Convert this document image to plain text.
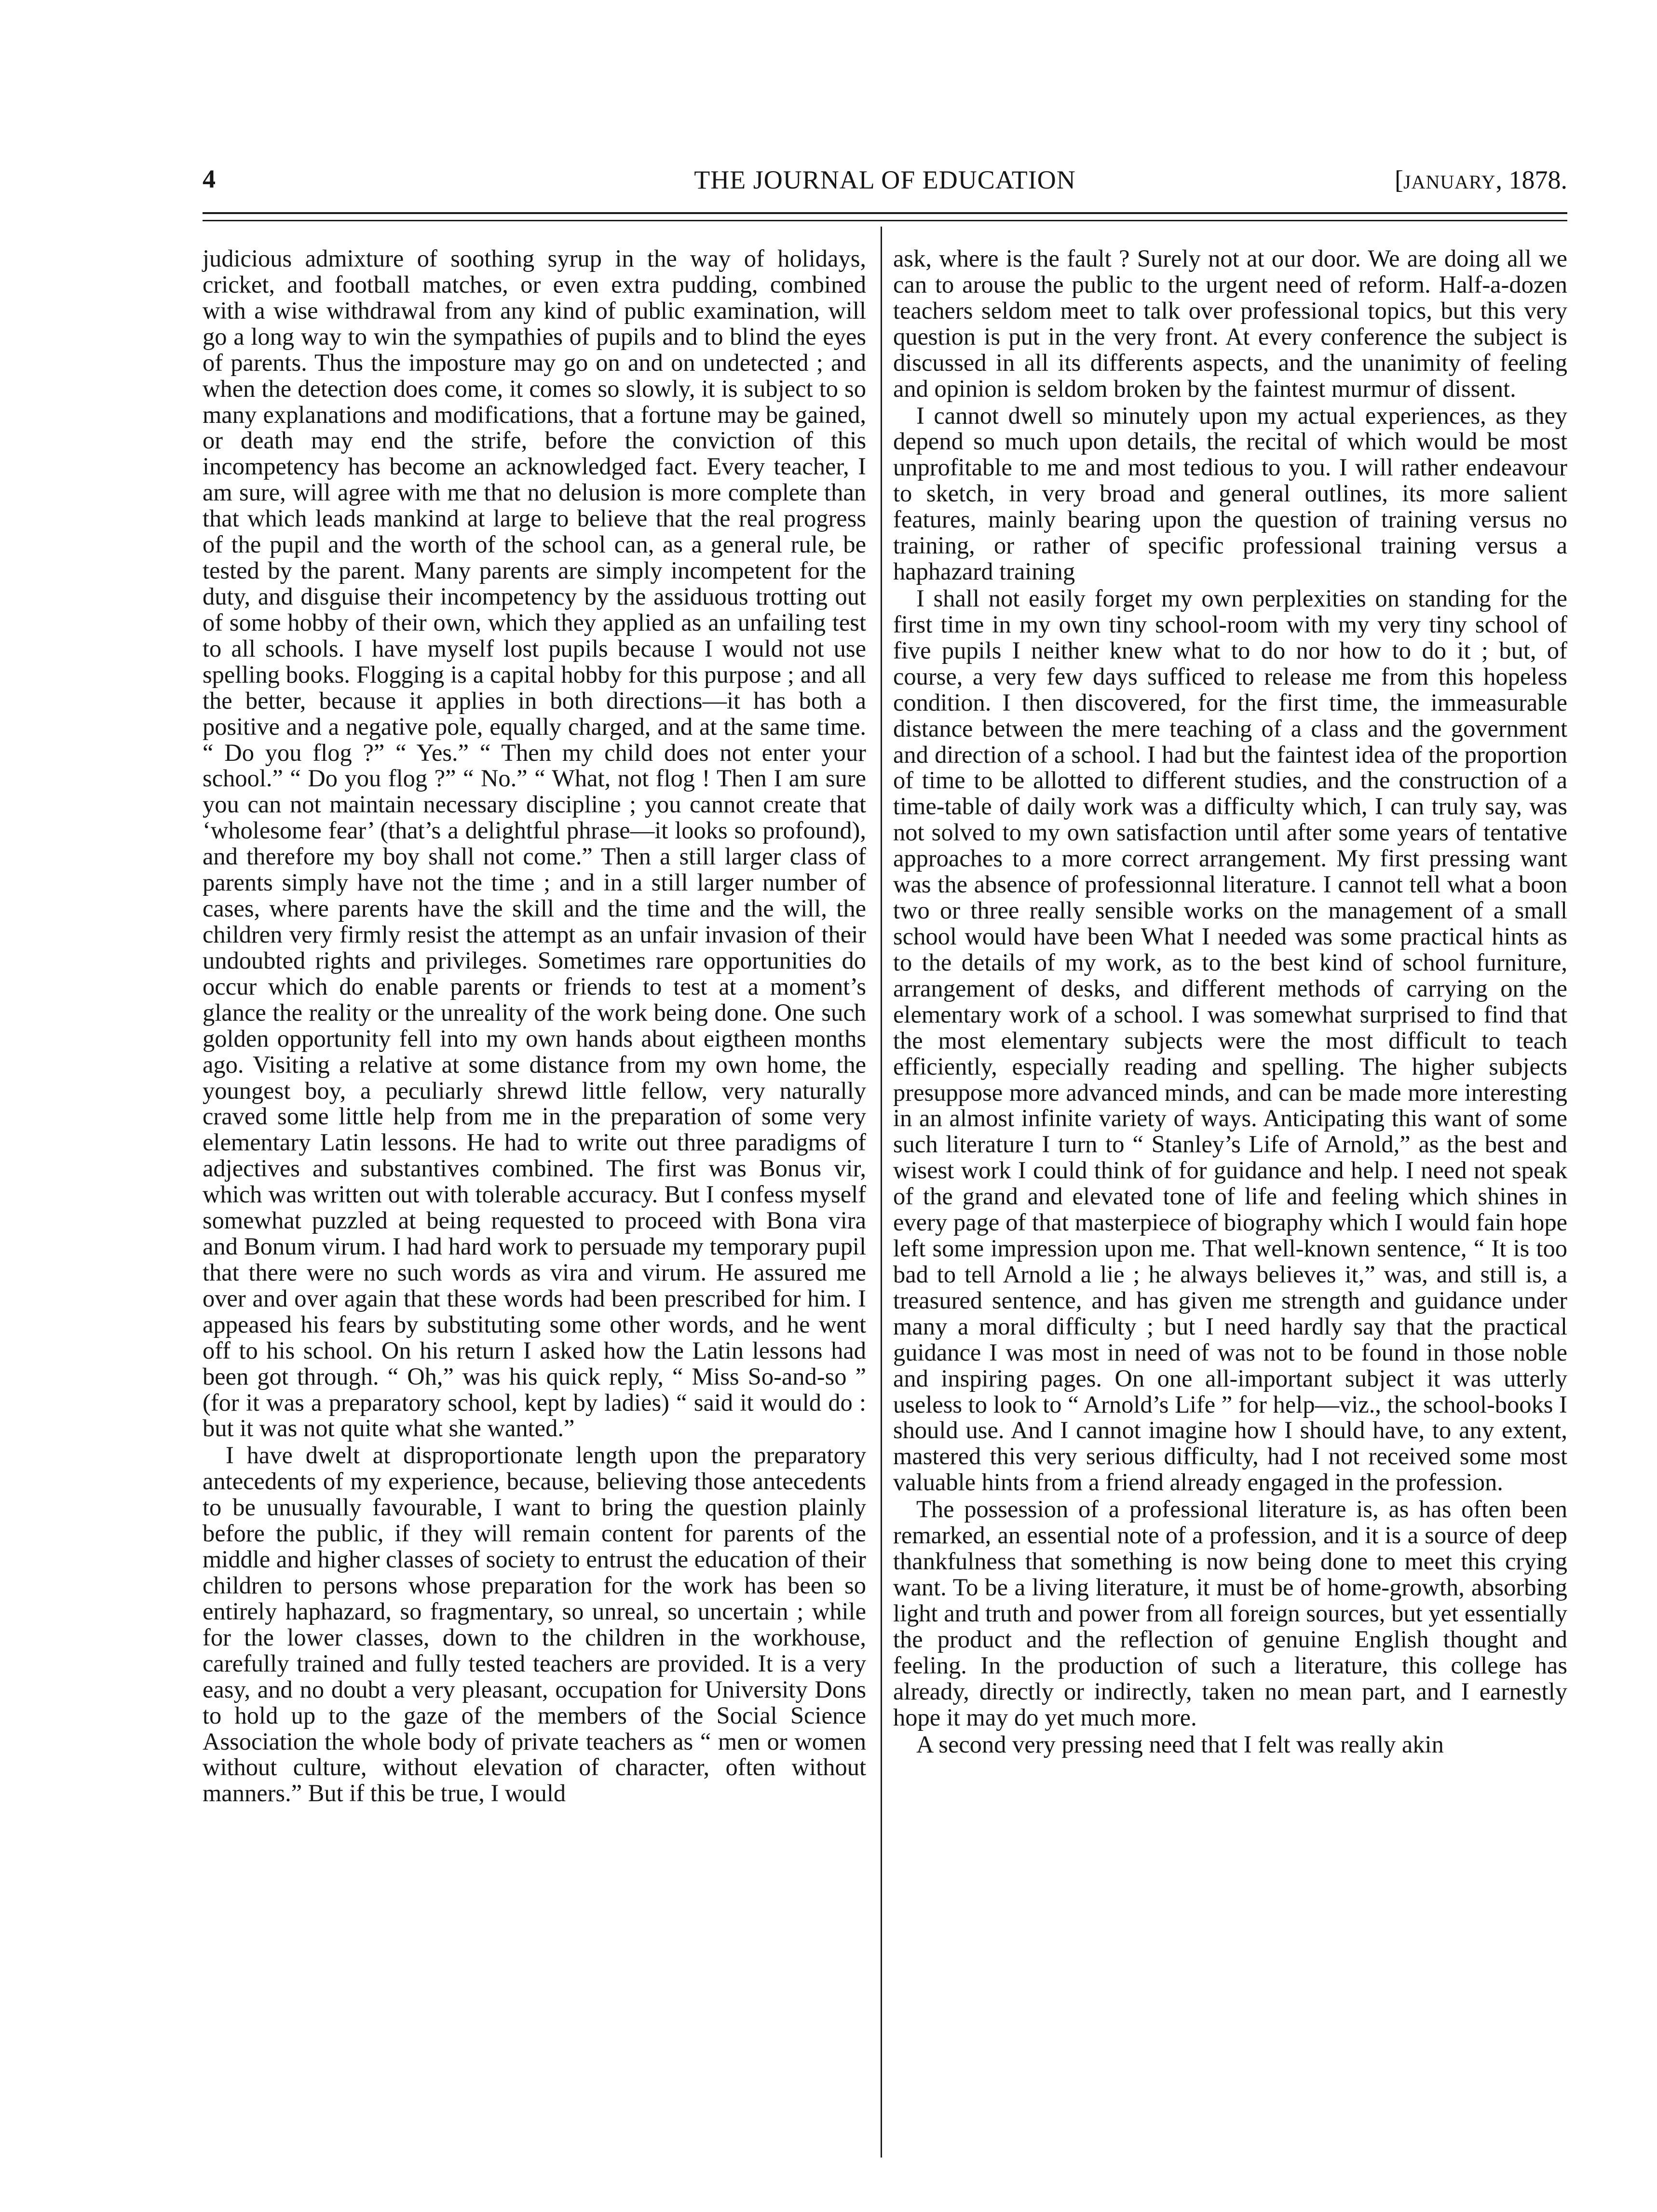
4	THE JOURNAL OF EDUCATION	[JANUARY, 1878.

judicious admixture of soothing syrup in the way of holidays, cricket, and football matches, or even extra pudding, combined with a wise withdrawal from any kind of public examination, will go a long way to win the sympathies of pupils and to blind the eyes of parents. Thus the imposture may go on and on undetected ; and when the detection does come, it comes so slowly, it is subject to so many explanations and modifications, that a fortune may be gained, or death may end the strife, before the conviction of this incompetency has become an acknowledged fact. Every teacher, I am sure, will agree with me that no delusion is more complete than that which leads mankind at large to believe that the real progress of the pupil and the worth of the school can, as a general rule, be tested by the parent. Many parents are simply incompetent for the duty, and disguise their incompetency by the assiduous trotting out of some hobby of their own, which they applied as an unfailing test to all schools. I have myself lost pupils because I would not use spelling books. Flogging is a capital hobby for this purpose ; and all the better, because it applies in both directions—it has both a positive and a negative pole, equally charged, and at the same time. “ Do you flog ?” “ Yes.” “ Then my child does not enter your school.” “ Do you flog ?” “ No.” “ What, not flog ! Then I am sure you can not maintain necessary discipline ; you cannot create that ‘wholesome fear’ (that’s a delightful phrase—it looks so profound), and therefore my boy shall not come.” Then a still larger class of parents simply have not the time ; and in a still larger number of cases, where parents have the skill and the time and the will, the children very firmly resist the attempt as an unfair invasion of their undoubted rights and privileges. Sometimes rare opportunities do occur which do enable parents or friends to test at a moment’s glance the reality or the unreality of the work being done. One such golden opportunity fell into my own hands about eigtheen months ago. Visiting a relative at some distance from my own home, the youngest boy, a peculiarly shrewd little fellow, very naturally craved some little help from me in the preparation of some very elementary Latin lessons. He had to write out three paradigms of adjectives and substantives combined. The first was Bonus vir, which was written out with tolerable accuracy. But I confess myself somewhat puzzled at being requested to proceed with Bona vira and Bonum virum. I had hard work to persuade my temporary pupil that there were no such words as vira and virum. He assured me over and over again that these words had been prescribed for him. I appeased his fears by substituting some other words, and he went off to his school. On his return I asked how the Latin lessons had been got through. “ Oh,” was his quick reply, “ Miss So-and-so ” (for it was a preparatory school, kept by ladies) “ said it would do : but it was not quite what she wanted.”

I have dwelt at disproportionate length upon the preparatory antecedents of my experience, because, believing those antecedents to be unusually favourable, I want to bring the question plainly before the public, if they will remain content for parents of the middle and higher classes of society to entrust the education of their children to persons whose preparation for the work has been so entirely haphazard, so fragmentary, so unreal, so uncertain ; while for the lower classes, down to the children in the workhouse, carefully trained and fully tested teachers are provided. It is a very easy, and no doubt a very pleasant, occupation for University Dons to hold up to the gaze of the members of the Social Science Association the whole body of private teachers as “ men or women without culture, without elevation of character, often without manners.” But if this be true, I would

ask, where is the fault ? Surely not at our door. We are doing all we can to arouse the public to the urgent need of reform. Half-a-dozen teachers seldom meet to talk over professional topics, but this very question is put in the very front. At every conference the subject is discussed in all its differents aspects, and the unanimity of feeling and opinion is seldom broken by the faintest murmur of dissent.

I cannot dwell so minutely upon my actual experiences, as they depend so much upon details, the recital of which would be most unprofitable to me and most tedious to you. I will rather endeavour to sketch, in very broad and general outlines, its more salient features, mainly bearing upon the question of training versus no training, or rather of specific professional training versus a haphazard training

I shall not easily forget my own perplexities on standing for the first time in my own tiny school-room with my very tiny school of five pupils I neither knew what to do nor how to do it ; but, of course, a very few days sufficed to release me from this hopeless condition. I then discovered, for the first time, the immeasurable distance between the mere teaching of a class and the government and direction of a school. I had but the faintest idea of the proportion of time to be allotted to different studies, and the construction of a time-table of daily work was a difficulty which, I can truly say, was not solved to my own satisfaction until after some years of tentative approaches to a more correct arrangement. My first pressing want was the absence of professionnal literature. I cannot tell what a boon two or three really sensible works on the management of a small school would have been What I needed was some practical hints as to the details of my work, as to the best kind of school furniture, arrangement of desks, and different methods of carrying on the elementary work of a school. I was somewhat surprised to find that the most elementary subjects were the most difficult to teach efficiently, especially reading and spelling. The higher subjects presuppose more advanced minds, and can be made more interesting in an almost infinite variety of ways. Anticipating this want of some such literature I turn to “ Stanley’s Life of Arnold,” as the best and wisest work I could think of for guidance and help. I need not speak of the grand and elevated tone of life and feeling which shines in every page of that masterpiece of biography which I would fain hope left some impression upon me. That well-known sentence, “ It is too bad to tell Arnold a lie ; he always believes it,” was, and still is, a treasured sentence, and has given me strength and guidance under many a moral difficulty ; but I need hardly say that the practical guidance I was most in need of was not to be found in those noble and inspiring pages. On one all-important subject it was utterly useless to look to “ Arnold’s Life ” for help—viz., the school-books I should use. And I cannot imagine how I should have, to any extent, mastered this very serious difficulty, had I not received some most valuable hints from a friend already engaged in the profession.

The possession of a professional literature is, as has often been remarked, an essential note of a profession, and it is a source of deep thankfulness that something is now being done to meet this crying want. To be a living literature, it must be of home-growth, absorbing light and truth and power from all foreign sources, but yet essentially the product and the reflection of genuine English thought and feeling. In the production of such a literature, this college has already, directly or indirectly, taken no mean part, and I earnestly hope it may do yet much more.

A second very pressing need that I felt was really akin
